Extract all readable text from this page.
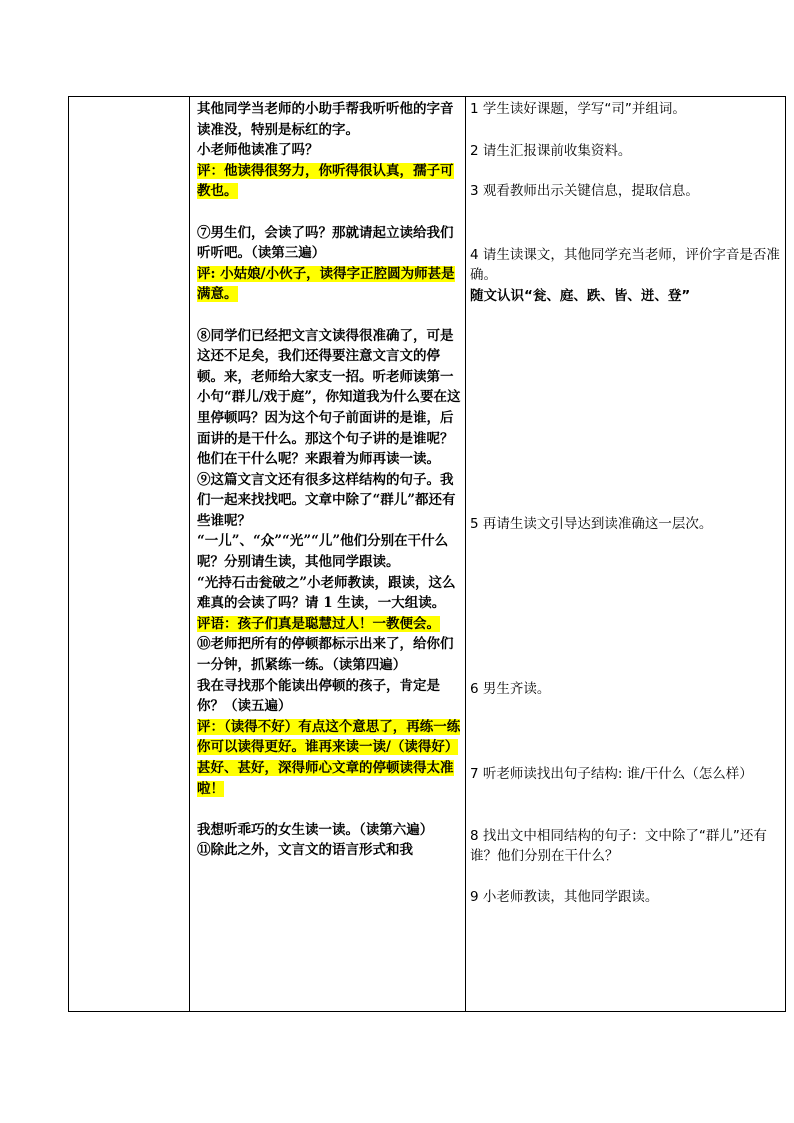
其他同学当老师的小助手帮我听听他的字音读准没，特别是标红的字。

小老师他读准了吗？

评：他读得很努力，你听得很认真，孺子可教也。

⑦男生们，会读了吗？那就请起立读给我们听听吧。（读第三遍）

评: 小姑娘/小伙子，读得字正腔圆为师甚是满意。

⑧同学们已经把文言文读得很准确了，可是这还不足矣，我们还得要注意文言文的停顿。来，老师给大家支一招。听老师读第一小句“群儿/戏于庭”，你知道我为什么要在这里停顿吗？因为这个句子前面讲的是谁，后面讲的是干什么。那这个句子讲的是谁呢？他们在干什么呢？来跟着为师再读一读。

⑨这篇文言文还有很多这样结构的句子。我们一起来找找吧。文章中除了“群儿”都还有些谁呢？

“一儿”、“众”“光”“儿”他们分别在干什么呢？分别请生读，其他同学跟读。

“光持石击瓮破之”小老师教读，跟读，这么难真的会读了吗？请 1 生读，一大组读。

评语：孩子们真是聪慧过人！一教便会。

⑩老师把所有的停顿都标示出来了，给你们一分钟，抓紧练一练。（读第四遍）

我在寻找那个能读出停顿的孩子，肯定是你？（读五遍）

评：（读得不好）有点这个意思了，再练一练你可以读得更好。谁再来读一读/（读得好）甚好、甚好，深得师心文章的停顿读得太准啦！

我想听乖巧的女生读一读。（读第六遍）

⑪除此之外，文言文的语言形式和我

1 学生读好课题，学写“司”并组词。

2 请生汇报课前收集资料。

3 观看教师出示关键信息，提取信息。

4 请生读课文，其他同学充当老师，评价字音是否准确。

随文认识“瓮、庭、跌、皆、迸、登”

5 再请生读文引导达到读准确这一层次。

6 男生齐读。

7 听老师读找出句子结构: 谁/干什么（怎么样）

8 找出文中相同结构的句子：文中除了“群儿”还有谁？他们分别在干什么？

9 小老师教读，其他同学跟读。
